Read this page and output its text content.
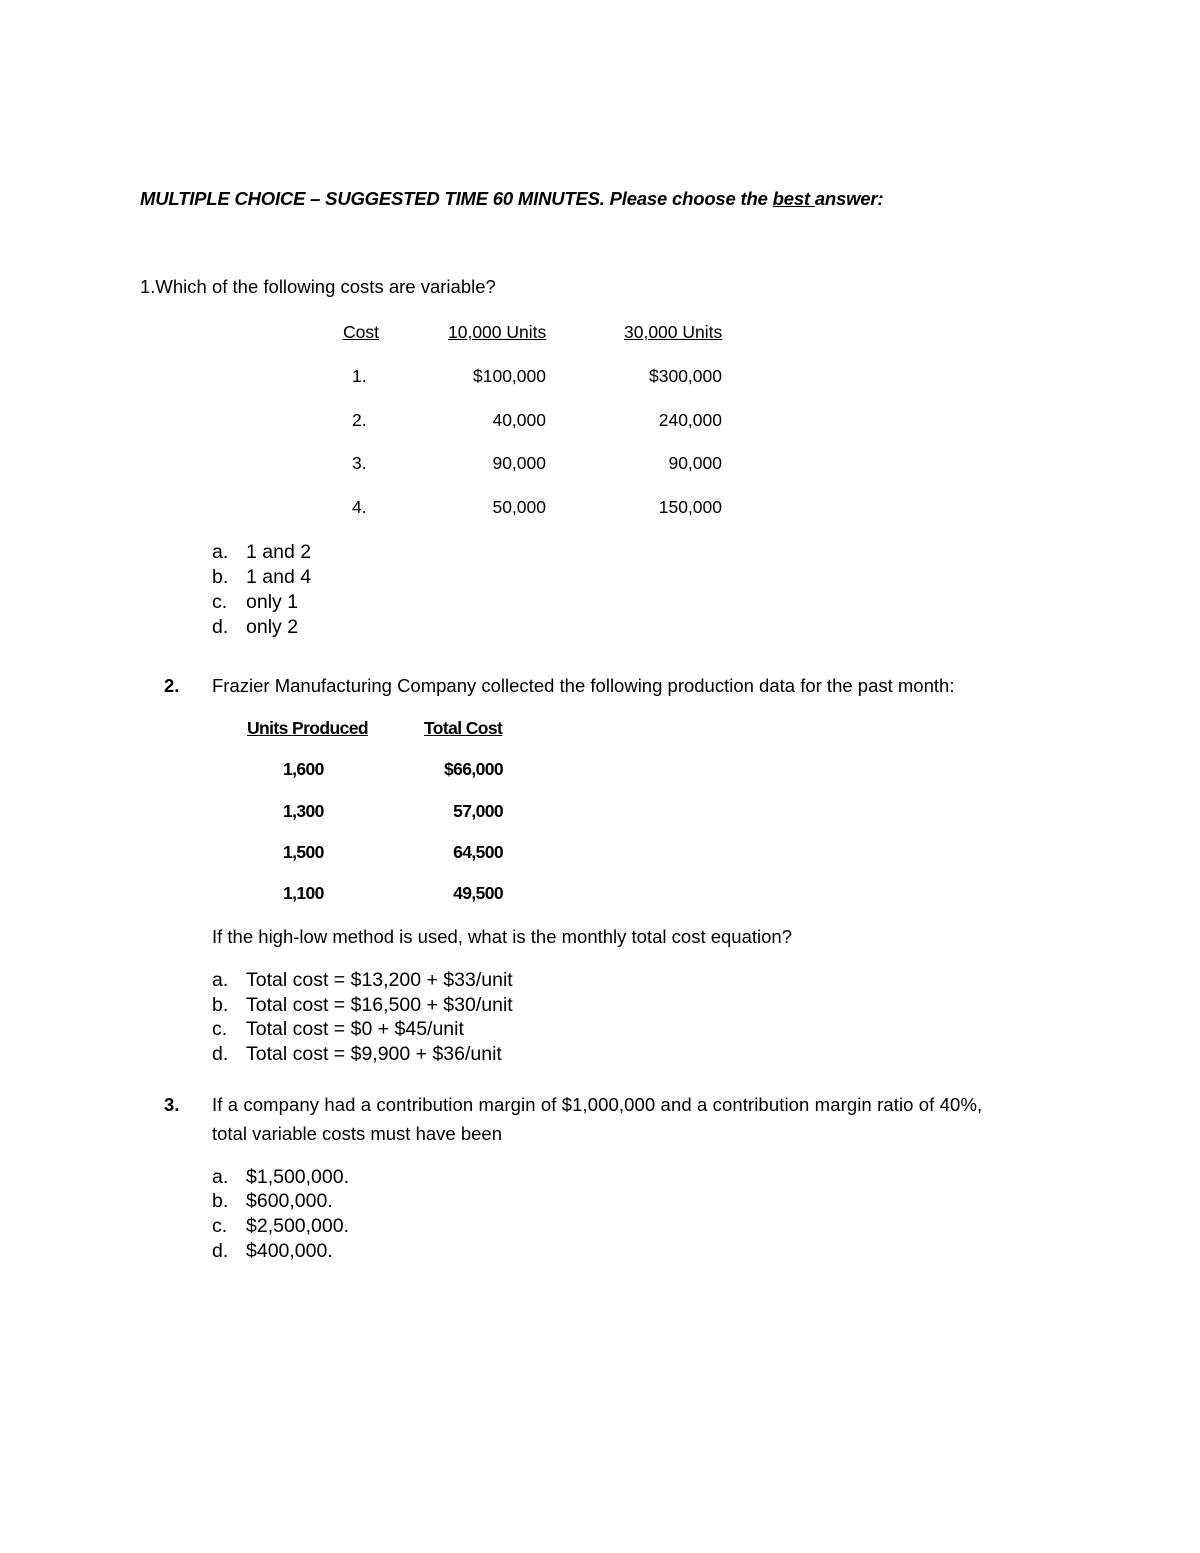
MULTIPLE CHOICE – SUGGESTED TIME 60 MINUTES. Please choose the best answer:
1.Which of the following costs are variable?
Cost	10,000 Units	30,000 Units
1.	$100,000	$300,000
2.	40,000	240,000
3.	90,000	90,000
4.	50,000	150,000
a. 1 and 2
b. 1 and 4
c. only 1
d. only 2
2. Frazier Manufacturing Company collected the following production data for the past month:
Units Produced	Total Cost
1,600	$66,000
1,300	57,000
1,500	64,500
1,100	49,500
If the high-low method is used, what is the monthly total cost equation?
a. Total cost = $13,200 + $33/unit
b. Total cost = $16,500 + $30/unit
c. Total cost = $0 + $45/unit
d. Total cost = $9,900 + $36/unit
3. If a company had a contribution margin of $1,000,000 and a contribution margin ratio of 40%,
total variable costs must have been
a. $1,500,000.
b. $600,000.
c. $2,500,000.
d. $400,000.
